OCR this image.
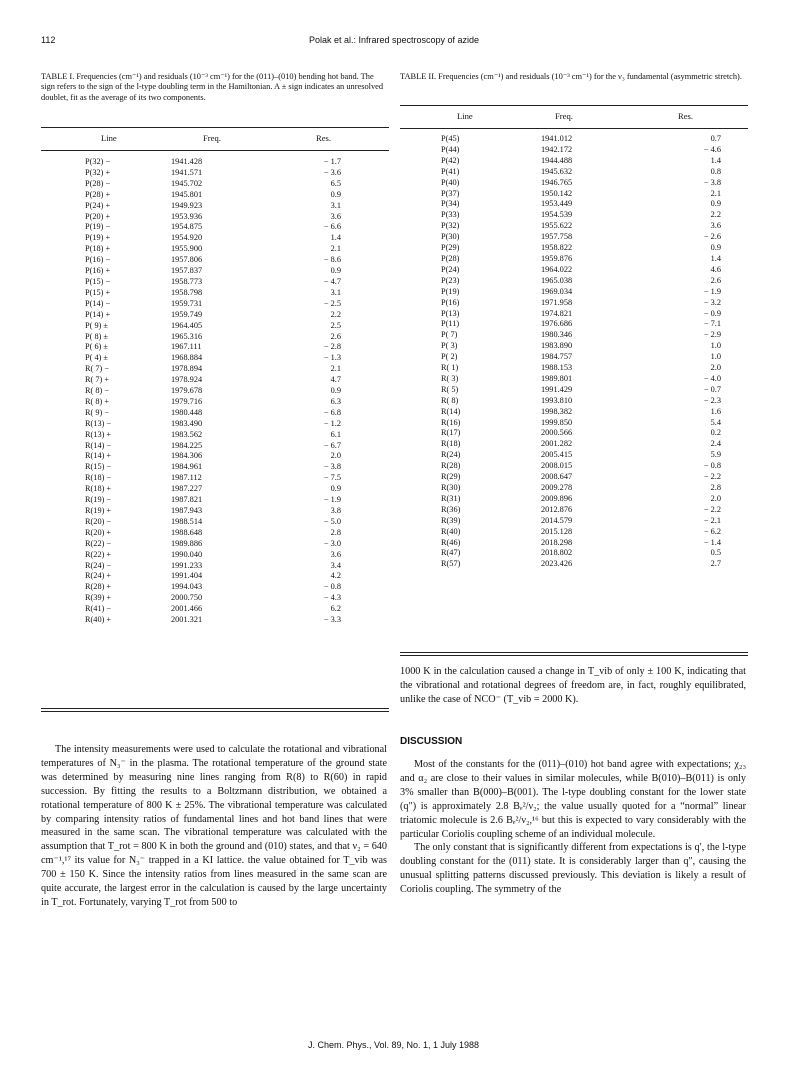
112	Polak et al.: Infrared spectroscopy of azide
TABLE I. Frequencies (cm⁻¹) and residuals (10⁻³ cm⁻¹) for the (011)–(010) bending hot band. The sign refers to the sign of the l-type doubling term in the Hamiltonian. A ± sign indicates an unresolved doublet, fit as the average of its two components.
Line	Freq.	Res.
P(32) −	1941.428	− 1.7
P(32) +	1941.571	− 3.6
P(28) −	1945.702	6.5
P(28) +	1945.801	0.9
P(24) +	1949.923	3.1
P(20) +	1953.936	3.6
P(19) −	1954.875	− 6.6
P(19) +	1954.920	1.4
P(18) +	1955.900	2.1
P(16) −	1957.806	− 8.6
P(16) +	1957.837	0.9
P(15) −	1958.773	− 4.7
P(15) +	1958.798	3.1
P(14) −	1959.731	− 2.5
P(14) +	1959.749	2.2
P( 9) ±	1964.405	2.5
P( 8) ±	1965.316	2.6
P( 6) ±	1967.111	− 2.8
P( 4) ±	1968.884	− 1.3
R( 7) −	1978.894	2.1
R( 7) +	1978.924	4.7
R( 8) −	1979.678	0.9
R( 8) +	1979.716	6.3
R( 9) −	1980.448	− 6.8
R(13) −	1983.490	− 1.2
R(13) +	1983.562	6.1
R(14) −	1984.225	− 6.7
R(14) +	1984.306	2.0
R(15) −	1984.961	− 3.8
R(18) −	1987.112	− 7.5
R(18) +	1987.227	0.9
R(19) −	1987.821	− 1.9
R(19) +	1987.943	3.8
R(20) −	1988.514	− 5.0
R(20) +	1988.648	2.8
R(22) −	1989.886	− 3.0
R(22) +	1990.040	3.6
R(24) −	1991.233	3.4
R(24) +	1991.404	4.2
R(28) +	1994.043	− 0.8
R(39) +	2000.750	− 4.3
R(41) −	2001.466	6.2
R(40) +	2001.321	− 3.3
TABLE II. Frequencies (cm⁻¹) and residuals (10⁻³ cm⁻¹) for the ν₃ fundamental (asymmetric stretch).
Line	Freq.	Res.
P(45)	1941.012	0.7
P(44)	1942.172	− 4.6
P(42)	1944.488	1.4
P(41)	1945.632	0.8
P(40)	1946.765	− 3.8
P(37)	1950.142	2.1
P(34)	1953.449	0.9
P(33)	1954.539	2.2
P(32)	1955.622	3.6
P(30)	1957.758	− 2.6
P(29)	1958.822	0.9
P(28)	1959.876	1.4
P(24)	1964.022	4.6
P(23)	1965.038	2.6
P(19)	1969.034	− 1.9
P(16)	1971.958	− 3.2
P(13)	1974.821	− 0.9
P(11)	1976.686	− 7.1
P( 7)	1980.346	− 2.9
P( 3)	1983.890	1.0
P( 2)	1984.757	1.0
R( 1)	1988.153	2.0
R( 3)	1989.801	− 4.0
R( 5)	1991.429	− 0.7
R( 8)	1993.810	− 2.3
R(14)	1998.382	1.6
R(16)	1999.850	5.4
R(17)	2000.566	0.2
R(18)	2001.282	2.4
R(24)	2005.415	5.9
R(28)	2008.015	− 0.8
R(29)	2008.647	− 2.2
R(30)	2009.278	2.8
R(31)	2009.896	2.0
R(36)	2012.876	− 2.2
R(39)	2014.579	− 2.1
R(40)	2015.128	− 6.2
R(46)	2018.298	− 1.4
R(47)	2018.802	0.5
R(57)	2023.426	2.7

The intensity measurements were used to calculate the rotational and vibrational temperatures of N₃⁻ in the plasma. The rotational temperature of the ground state was determined by measuring nine lines ranging from R(8) to R(60) in rapid succession. By fitting the results to a Boltzmann distribution, we obtained a rotational temperature of 800 K ± 25%. The vibrational temperature was calculated by comparing intensity ratios of fundamental lines and hot band lines that were measured in the same scan. The vibrational temperature was calculated with the assumption that T_rot = 800 K in both the ground and (010) states, and that ν₂ = 640 cm⁻¹,¹⁷ its value for N₃⁻ trapped in a KI lattice. the value obtained for T_vib was 700 ± 150 K. Since the intensity ratios from lines measured in the same scan are quite accurate, the largest error in the calculation is caused by the large uncertainty in T_rot. Fortunately, varying T_rot from 500 to

1000 K in the calculation caused a change in T_vib of only ± 100 K, indicating that the vibrational and rotational degrees of freedom are, in fact, roughly equilibrated, unlike the case of NCO⁻ (T_vib = 2000 K).

DISCUSSION

Most of the constants for the (011)–(010) hot band agree with expectations; χ₂₃ and α₂ are close to their values in similar molecules, while B(010)–B(011) is only 3% smaller than B(000)–B(001). The l-type doubling constant for the lower state (q″) is approximately 2.8 Bₑ²/ν₂; the value usually quoted for a “normal” linear triatomic molecule is 2.6 Bₑ²/ν₂,¹⁶ but this is expected to vary considerably with the particular Coriolis coupling scheme of an individual molecule.

The only constant that is significantly different from expectations is q′, the l-type doubling constant for the (011) state. It is considerably larger than q″, causing the unusual splitting patterns discussed previously. This deviation is likely a result of Coriolis coupling. The symmetry of the

J. Chem. Phys., Vol. 89, No. 1, 1 July 1988
